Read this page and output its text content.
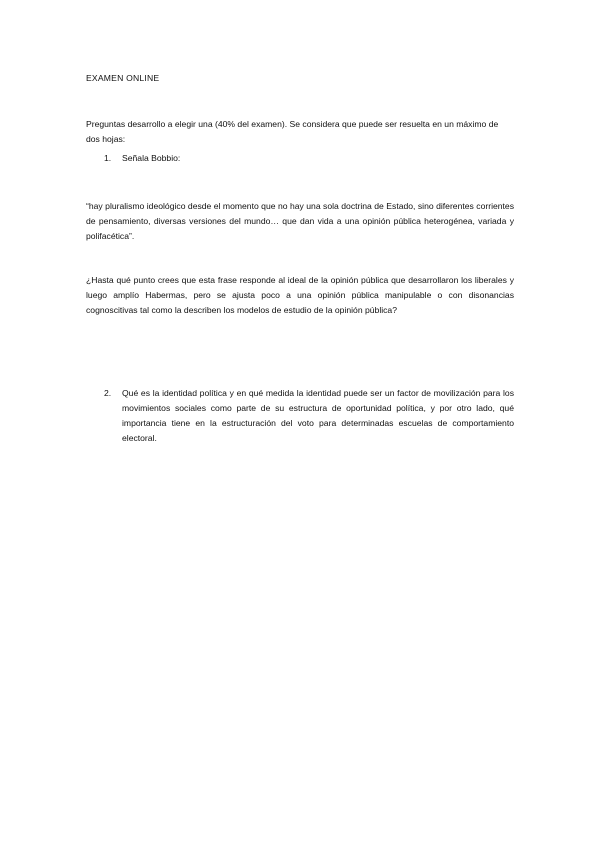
EXAMEN ONLINE

Preguntas desarrollo a elegir una (40% del examen). Se considera que puede ser resuelta en un máximo de dos hojas:

1. Señala Bobbio:

“hay pluralismo ideológico desde el momento que no hay una sola doctrina de Estado, sino diferentes corrientes de pensamiento, diversas versiones del mundo… que dan vida a una opinión pública heterogénea, variada y polifacética”.

¿Hasta qué punto crees que esta frase responde al ideal de la opinión pública que desarrollaron los liberales y luego amplío Habermas, pero se ajusta poco a una opinión pública manipulable o con disonancias cognoscitivas tal como la describen los modelos de estudio de la opinión pública?

2. Qué es la identidad política y en qué medida la identidad puede ser un factor de movilización para los movimientos sociales como parte de su estructura de oportunidad política, y por otro lado, qué importancia tiene en la estructuración del voto para determinadas escuelas de comportamiento electoral.
